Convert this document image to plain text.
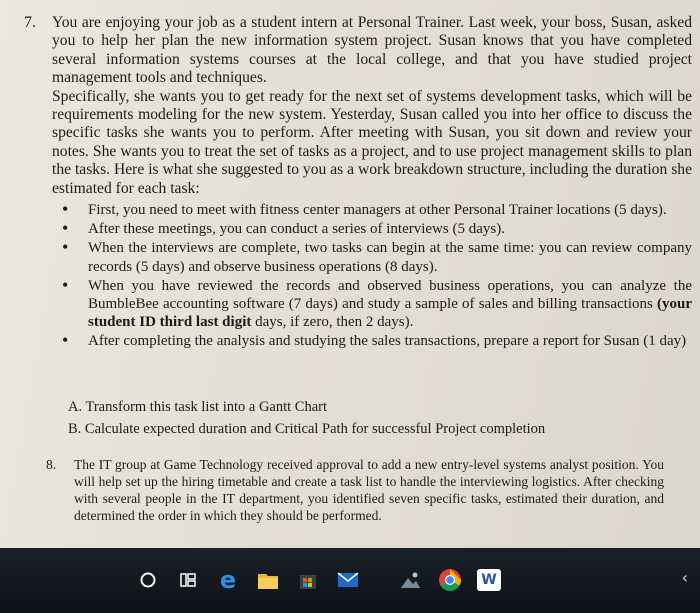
7. You are enjoying your job as a student intern at Personal Trainer. Last week, your boss, Susan, asked you to help her plan the new information system project. Susan knows that you have completed several information systems courses at the local college, and that you have studied project management tools and techniques.

Specifically, she wants you to get ready for the next set of systems development tasks, which will be requirements modeling for the new system. Yesterday, Susan called you into her office to discuss the specific tasks she wants you to perform. After meeting with Susan, you sit down and review your notes. She wants you to treat the set of tasks as a project, and to use project management skills to plan the tasks. Here is what she suggested to you as a work breakdown structure, including the duration she estimated for each task:

• First, you need to meet with fitness center managers at other Personal Trainer locations (5 days).
• After these meetings, you can conduct a series of interviews (5 days).
• When the interviews are complete, two tasks can begin at the same time: you can review company records (5 days) and observe business operations (8 days).
• When you have reviewed the records and observed business operations, you can analyze the BumbleBee accounting software (7 days) and study a sample of sales and billing transactions (your student ID third last digit days, if zero, then 2 days).
• After completing the analysis and studying the sales transactions, prepare a report for Susan (1 day)
A. Transform this task list into a Gantt Chart
B. Calculate expected duration and Critical Path for successful Project completion
8. The IT group at Game Technology received approval to add a new entry-level systems analyst position. You will help set up the hiring timetable and create a task list to handle the interviewing logistics. After checking with several people in the IT department, you identified seven specific tasks, estimated their duration, and determined the order in which they should be performed.
e	W	‹
